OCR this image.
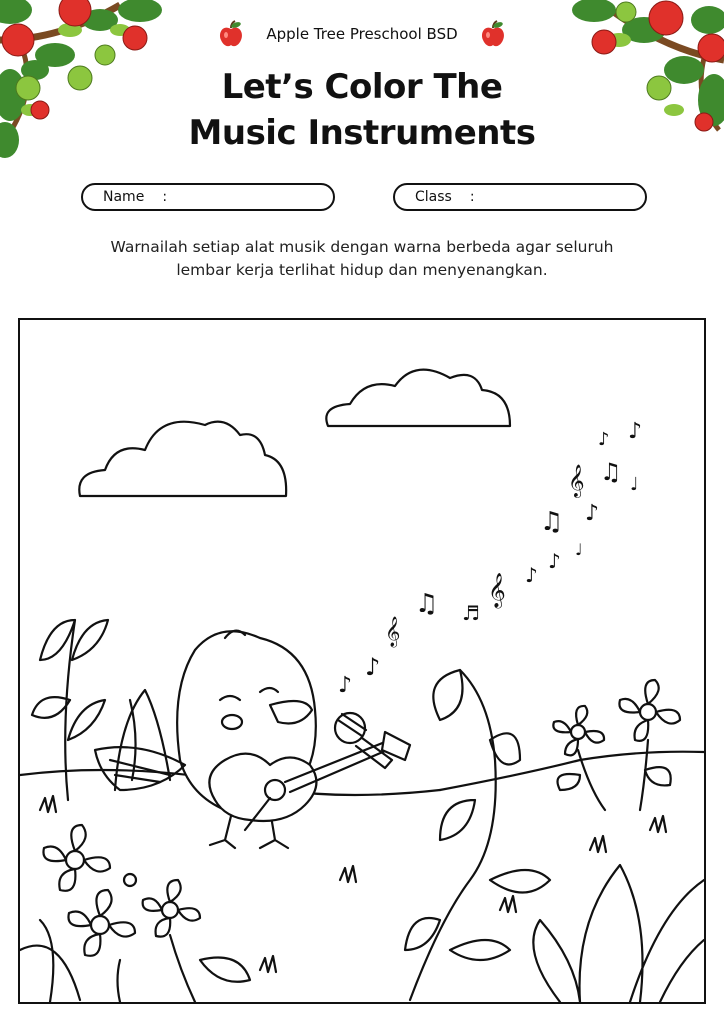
Apple Tree Preschool BSD
Let’s Color The
Music Instruments
Name :	Class :
Warnailah setiap alat musik dengan warna berbeda agar seluruh
lembar kerja terlihat hidup dan menyenangkan.
♪
♪
𝄞
♫ ♬
𝄞 ♪
♪ ♩
♫ ♪
𝄞 ♫ ♩
♪ ♪
